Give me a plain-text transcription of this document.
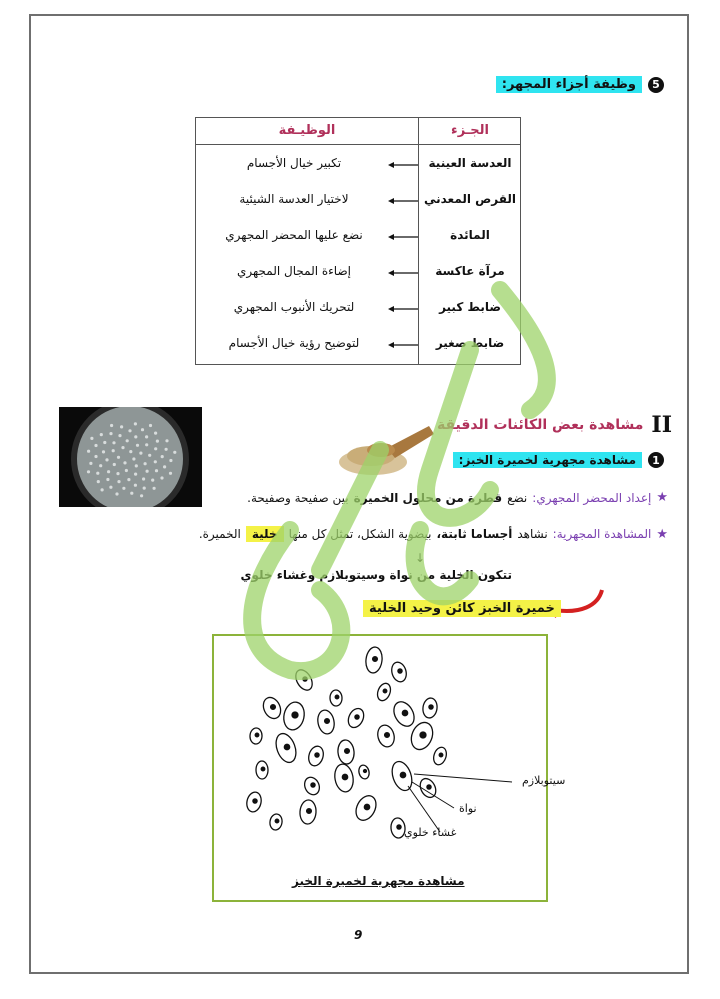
5
وظيفة أجزاء المجهر:
الجـزء
الوظيـفة
العدسة العينية
تكبير خيال الأجسام
القرص المعدني
لاختيار العدسة الشيئية
المائدة
نضع عليها المحضر المجهري
مرآة عاكسة
إضاءة المجال المجهري
ضابط كبير
لتحريك الأنبوب المجهري
ضابط صغير
لتوضيح رؤية خيال الأجسام
II
مشاهدة بعض الكائنات الدقيقة
1
مشاهدة مجهرية لخميرة الخبز:
★
إعداد المحضر المجهري:
نضع
قطرة من محلول الخميرة
بين صفيحة وصفيحة.
★
المشاهدة المجهرية:
نشاهد
أجساما ثابتة،
بيضوية الشكل، تمثل كل منها
خلية
الخميرة.
↓
تتكون الخلية من نواة وسيتوبلازم وغشاء خلوي
خميرة الخبز كائن وحيد الخلية
سيتوبلازم
نواة
غشاء خلوي
مشاهدة مجهرية لخميرة الخبز
9
